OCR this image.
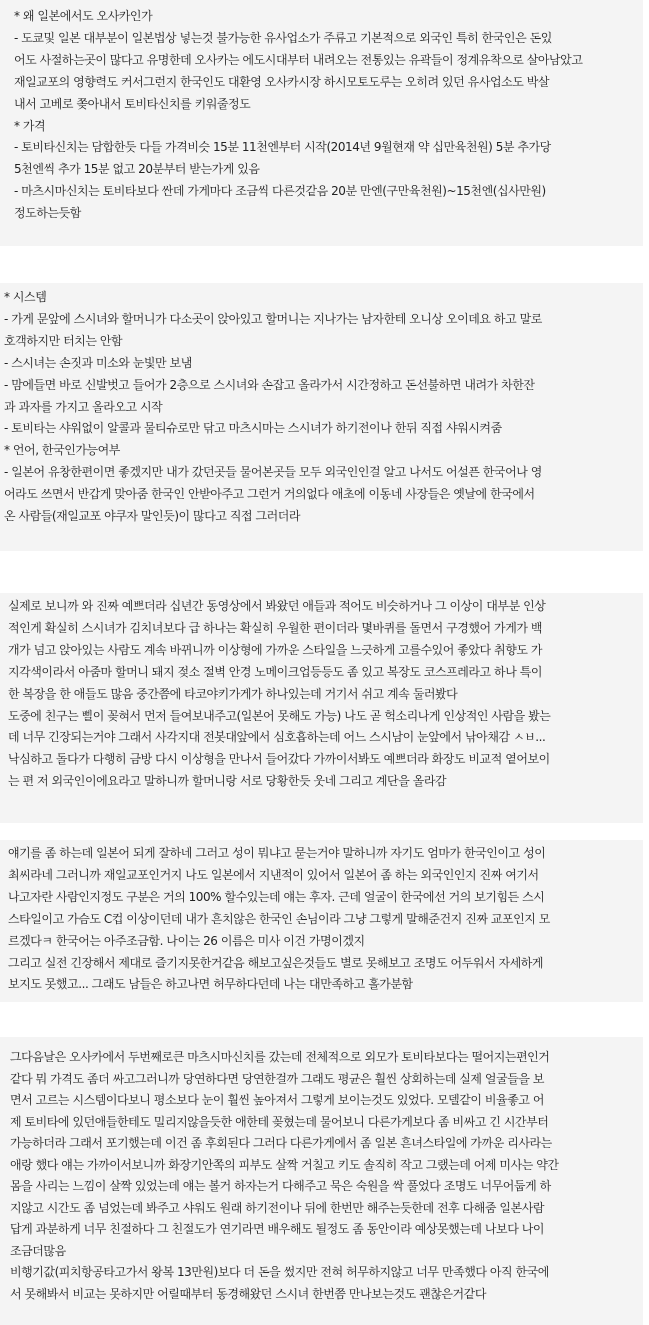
* 왜 일본에서도 오사카인가
- 도쿄및 일본 대부분이 일본법상 넣는것 불가능한 유사업소가 주류고 기본적으로 외국인 특히 한국인은 돈있
어도 사절하는곳이 많다고 유명한데 오사카는 에도시대부터 내려오는 전통있는 유곽들이 정계유착으로 살아남았고
재일교포의 영향력도 커서그런지 한국인도 대환영 오사카시장 하시모토도루는 오히려 있던 유사업소도 박살
내서 고베로 쫒아내서 토비타신치를 키워줄정도
* 가격
- 토비타신치는 담합한듯 다들 가격비슷 15분 11천엔부터 시작(2014년 9월현재 약 십만육천원) 5분 추가당
5천엔씩 추가 15분 없고 20분부터 받는가게 있음
- 마츠시마신치는 토비타보다 싼데 가게마다 조금씩 다른것같음 20분 만엔(구만육천원)~15천엔(십사만원)
정도하는듯함
* 시스템
- 가게 문앞에 스시녀와 할머니가 다소곳이 앉아있고 할머니는 지나가는 남자한테 오니상 오이데요 하고 말로
호객하지만 터치는 안함
- 스시녀는 손짓과 미소와 눈빛만 보냄
- 맘에들면 바로 신발벗고 들어가 2층으로 스시녀와 손잡고 올라가서 시간정하고 돈선불하면 내려가 차한잔
과 과자를 가지고 올라오고 시작
- 토비타는 샤워없이 알콜과 물티슈로만 닦고 마츠시마는 스시녀가 하기전이나 한뒤 직접 샤워시켜줌
* 언어, 한국인가능여부
- 일본어 유창한편이면 좋겠지만 내가 갔던곳들 물어본곳들 모두 외국인인걸 알고 나서도 어설픈 한국어나 영
어라도 쓰면서 반갑게 맞아줌 한국인 안받아주고 그런거 거의없다 애초에 이동네 사장들은 옛날에 한국에서
온 사람들(재일교포 야쿠자 말인듯)이 많다고 직접 그러더라
실제로 보니까 와 진짜 예쁘더라 십년간 동영상에서 봐왔던 애들과 적어도 비슷하거나 그 이상이 대부분 인상
적인게 확실히 스시녀가 김치녀보다 급 하나는 확실히 우월한 편이더라 몇바퀴를 돌면서 구경했어 가게가 백
개가 넘고 앉아있는 사람도 계속 바뀌니까 이상형에 가까운 스타일을 느긋하게 고를수있어 좋았다 취향도 가
지각색이라서 아줌마 할머니 돼지 젖소 절벽 안경 노메이크업등등도 좀 있고 복장도 코스프레라고 하나 특이
한 복장을 한 애들도 많음 중간쯤에 타코야키가게가 하나있는데 거기서 쉬고 계속 둘러봤다
도중에 친구는 삘이 꽂혀서 먼저 들여보내주고(일본어 못해도 가능) 나도 곧 헉소리나게 인상적인 사람을 봤는
데 너무 긴장되는거야 그래서 사각지대 전봇대앞에서 심호흡하는데 어느 스시남이 눈앞에서 낚아채감 ㅅㅂ...
낙심하고 돌다가 다행히 금방 다시 이상형을 만나서 들어갔다 가까이서봐도 예쁘더라 화장도 비교적 옅어보이
는 편 저 외국인이에요라고 말하니까 할머니랑 서로 당황한듯 웃네 그리고 계단을 올라감
얘기를 좀 하는데 일본어 되게 잘하네 그러고 성이 뭐냐고 묻는거야 말하니까 자기도 엄마가 한국인이고 성이
최씨라네 그러니까 재일교포인거지 나도 일본에서 지낸적이 있어서 일본어 좀 하는 외국인인지 진짜 여기서
나고자란 사람인지정도 구분은 거의 100% 할수있는데 얘는 후자. 근데 얼굴이 한국에선 거의 보기힘든 스시
스타일이고 가슴도 C컵 이상이던데 내가 흔치않은 한국인 손님이라 그냥 그렇게 말해준건지 진짜 교포인지 모
르겠다ㅋ 한국어는 아주조금함. 나이는 26 이름은 미사 이건 가명이겠지
그리고 실전 긴장해서 제대로 즐기지못한거같음 해보고싶은것들도 별로 못해보고 조명도 어두워서 자세하게
보지도 못했고... 그래도 남들은 하고나면 허무하다던데 나는 대만족하고 홀가분함
그다음날은 오사카에서 두번째로큰 마츠시마신치를 갔는데 전체적으로 외모가 토비타보다는 떨어지는편인거
같다 뭐 가격도 좀더 싸고그러니까 당연하다면 당연한걸까 그래도 평균은 훨씬 상회하는데 실제 얼굴들을 보
면서 고르는 시스템이다보니 평소보다 눈이 훨씬 높아져서 그렇게 보이는것도 있었다. 모델같이 비율좋고 어
제 토비타에 있던애들한테도 밀리지않을듯한 애한테 꽂혔는데 물어보니 다른가게보다 좀 비싸고 긴 시간부터
가능하더라 그래서 포기했는데 이건 좀 후회된다 그러다 다른가게에서 좀 일본 흔녀스타일에 가까운 리사라는
애랑 했다 얘는 가까이서보니까 화장기안쪽의 피부도 살짝 거칠고 키도 솔직히 작고 그랬는데 어제 미사는 약간
몸을 사리는 느낌이 살짝 있었는데 얘는 볼거 하자는거 다해주고 묵은 숙원을 싹 풀었다 조명도 너무어둡게 하
지않고 시간도 좀 넘었는데 봐주고 샤워도 원래 하기전이나 뒤에 한번만 해주는듯한데 전후 다해줌 일본사람
답게 과분하게 너무 친절하다 그 친절도가 연기라면 배우해도 될정도 좀 동안이라 예상못했는데 나보다 나이
조금더많음
비행기값(피치항공타고가서 왕복 13만원)보다 더 돈을 썼지만 전혀 허무하지않고 너무 만족했다 아직 한국에
서 못해봐서 비교는 못하지만 어릴때부터 동경해왔던 스시녀 한번쯤 만나보는것도 괜찮은거같다
